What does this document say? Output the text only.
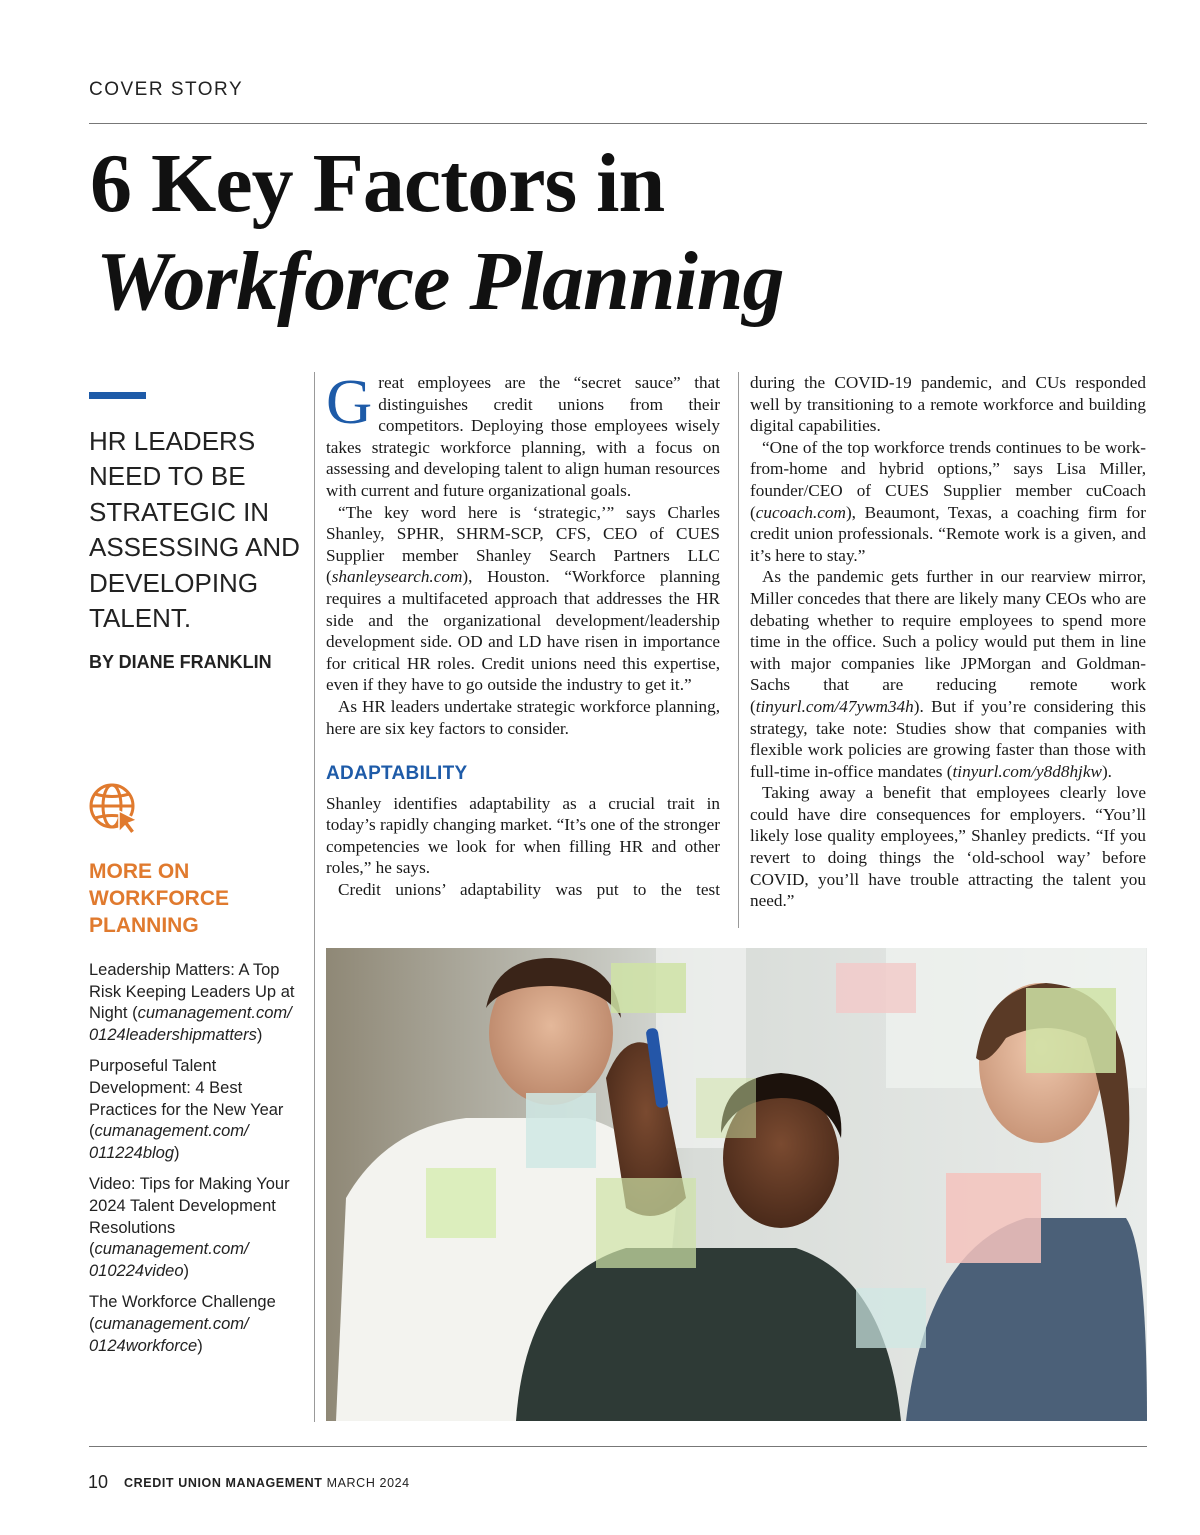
COVER STORY
6 Key Factors in
Workforce Planning
HR LEADERS NEED TO BE STRATEGIC IN ASSESSING AND DEVELOPING TALENT.
BY DIANE FRANKLIN
MORE ON WORKFORCE PLANNING
Leadership Matters: A Top Risk Keeping Leaders Up at Night (cumanagement.com/ 0124leadershipmatters)
Purposeful Talent Development: 4 Best Practices for the New Year (cumanagement.com/ 011224blog)
Video: Tips for Making Your 2024 Talent Development Resolutions (cumanagement.com/ 010224video)
The Workforce Challenge (cumanagement.com/ 0124workforce)

Great employees are the “secret sauce” that distinguishes credit unions from their competitors. Deploying those employees wisely takes strategic workforce planning, with a focus on assessing and developing talent to align human resources with current and future organizational goals.

“The key word here is ‘strategic,’” says Charles Shanley, SPHR, SHRM-SCP, CFS, CEO of CUES Supplier member Shanley Search Partners LLC (shanleysearch.com), Houston. “Workforce planning requires a multifaceted approach that addresses the HR side and the organizational development/leadership development side. OD and LD have risen in importance for critical HR roles. Credit unions need this expertise, even if they have to go outside the industry to get it.”

As HR leaders undertake strategic workforce planning, here are six key factors to consider.

ADAPTABILITY

Shanley identifies adaptability as a crucial trait in today’s rapidly changing market. “It’s one of the stronger competencies we look for when filling HR and other roles,” he says.

Credit unions’ adaptability was put to the test

during the COVID-19 pandemic, and CUs responded well by transitioning to a remote workforce and building digital capabilities.

“One of the top workforce trends continues to be work-from-home and hybrid options,” says Lisa Miller, founder/CEO of CUES Supplier member cuCoach (cucoach.com), Beaumont, Texas, a coaching firm for credit union professionals. “Remote work is a given, and it’s here to stay.”

As the pandemic gets further in our rearview mirror, Miller concedes that there are likely many CEOs who are debating whether to require employees to spend more time in the office. Such a policy would put them in line with major companies like JPMorgan and Goldman-Sachs that are reducing remote work (tinyurl.com/47ywm34h). But if you’re considering this strategy, take note: Studies show that companies with flexible work policies are growing faster than those with full-time in-office mandates (tinyurl.com/y8d8hjkw).

Taking away a benefit that employees clearly love could have dire consequences for employers. “You’ll likely lose quality employees,” Shanley predicts. “If you revert to doing things the ‘old-school way’ before COVID, you’ll have trouble attracting the talent you need.”

10 CREDIT UNION MANAGEMENT MARCH 2024
